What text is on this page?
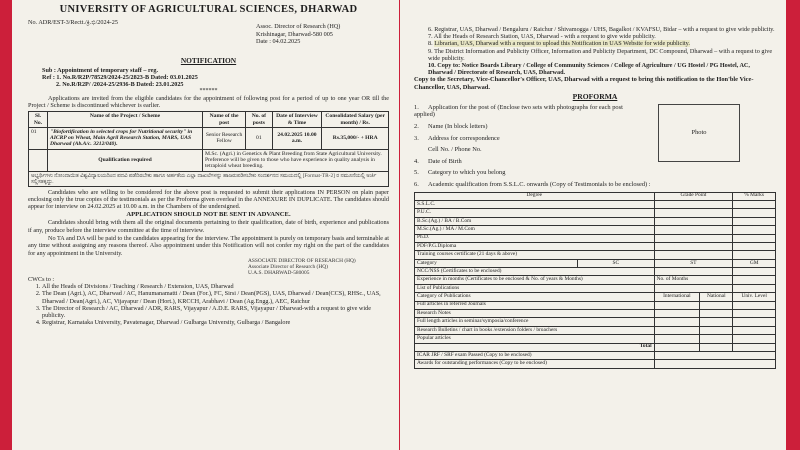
UNIVERSITY OF AGRICULTURAL SCIENCES, DHARWAD

No. ADR/EST-3/Rectt./ಕ್ರಿ.ಭಿ/2024-25
Assoc. Director of Research (HQ)
Krishinagar, Dharwad-580 005
Date : 04.02.2025
NOTIFICATION
Sub : Appointment of temporary staff – reg.
Ref : 1. No.R/R2P/78529/2024-25/2823-B Dated: 03.01.2025
2. No.R/R2P/ /2024-25/2936-B Dated: 23.01.2025
******

Applications are invited from the eligible candidates for the appointment of following post for a period of up to one year OR till the Project / Scheme is discontinued whichever is earlier.

Sl. No.	Name of the Project / Scheme	Name of the post	No. of posts	Date of Interview & Time	Consolidated Salary (per month) / Rs.
01	"Biofortification in selected crops for Nutritional security" in AICRP on Wheat, Main Agril Research Station, MARS, UAS Dharwad (Ab.A/c. 3212/040).	Senior Research Fellow	01	24.02.2025 10.00 a.m.	Rs.35,000/- + HRA
	Qualification required	M.Sc. (Agri.) in Genetics & Plant Breeding from State Agricultural University. Preference will be given to those who have experience in quality analysis in tetraploid wheat breeding.			
ಅಭ್ಯರ್ಥಿಗಳು ನೋಂದಾಯಿತ ವಿಶ್ವವಿದ್ಯಾಲಯದಿಂದ ಪದವಿ ಪಡೆದಿರಬೇಕು ಹಾಗೂ ಅರ್ಹತೆಯ ಎಲ್ಲಾ ದಾಖಲೆಗಳನ್ನು ಹಾಜರುಪಡಿಸಬೇಕು ಸಂದರ್ಶನದ ಸಮಯದಲ್ಲಿ [Format-TR-2] ರ ನಮೂನೆಯಲ್ಲಿ ಅರ್ಜಿ ಸಲ್ಲಿಸತಕ್ಕದ್ದು.					

Candidates who are willing to be considered for the above post is requested to submit their applications IN PERSON on plain paper enclosing only the true copies of the testimonials as per the Proforma given overleaf in the ANNEXURE IN DUPLICATE. The candidates should appear for interview on 24.02.2025 at 10.00 a.m. in the Chambers of the undersigned.

APPLICATION SHOULD NOT BE SENT IN ADVANCE.

Candidates should bring with them all the original documents pertaining to their qualification, date of birth, experience and publications if any, produce before the interview committee at the time of interview.

No TA and DA will be paid to the candidates appearing for the interview. The appointment is purely on temporary basis and terminable at any time without assigning any reasons thereof. Also appointment under this Notification will not confer my right on the part of the candidates for any appointment in the University.

ASSOCIATE DIRECTOR OF RESEARCH (HQ)
Associate Director of Research (HQ)
U.A.S. DHARWAD-580005
CWCs to :
1. All the Heads of Divisions / Teaching / Research / Extension, UAS, Dharwad
2. The Dean (Agri.), AC, Dharwad / AC, Hanumanamatti / Dean (For.), FC, Sirsi / Dean(PGS), UAS, Dharwad / Dean(CCS), RHSc., UAS, Dharwad / Dean(Agri.), AC, Vijayapur / Dean (Hort.), KRCCH, Arabhavi / Dean (Ag.Engg.), AEC, Raichur
3. The Director of Research / AC, Dharwad / ADR, RARS, Vijayapur / A.D.E. RARS, Vijayapur / Dharwad-with a request to give wide publicity.
4. Registrar, Karnataka University, Pavatenagar, Dharwad / Gulbarga University, Gulbarga / Bangalore
6. Registrar, UAS, Dharwad / Bengaluru / Raichur / Shivamogga / UHS, Bagalkot / KVAFSU, Bidar – with a request to give wide publicity.
7. All the Heads of Research Station, UAS, Dharwad - with a request to give wide publicity.
8. Librarian, UAS, Dharwad with a request to upload this Notification in UAS Website for wide publicity.
9. The District Information and Publicity Officer, Information and Publicity Department, DC Compound, Dharwad – with a request to give wide publicity.
10. Copy to: Notice Boards Library / College of Community Sciences / College of Agriculture / UG Hostel / PG Hostel, AC, Dharwad / Directorate of Research, UAS, Dharwad.
Copy to the Secretary, Vice-Chancellor's Officer, UAS, Dharwad with a request to bring this notification to the Hon'ble Vice-Chancellor, UAS, Dharwad.
PROFORMA
Photo
1. Application for the post of (Enclose two sets with photographs for each post applied)
2. Name (In block letters)
3. Address for correspondence
Cell No. / Phone No.
4. Date of Birth
5. Category to which you belong
6. Academic qualification from S.S.L.C. onwards (Copy of Testimonials to be enclosed) :
Degree		Grade Point		% Marks
S.S.L.C.				
P.U.C.				
B.Sc.(Ag.) / BA / B.Com				
M.Sc.(Ag.) / MA / M.Com				
Ph.D.				
PDF/P.G.Diploma				
Training courses certificate (21 days & above)				
Category	SC	ST		GM
NCC/NSS (Certificates to be enclosed)				
Experience in months (Certificates to be enclosed & No. of years & Months)		No. of Months		
List of Publications				
Category of Publications		International	National	Univ. Level
Full articles in referred Journals				
Research Notes				
Full length articles in seminar/symposia/conference				
Research Bulletins / chart in books /extension folders / broachers				
Popular articles				
Total				
ICAR JRF / SRF exam Passed (Copy to be enclosed)				
Awards for outstanding performances (Copy to be enclosed)				
